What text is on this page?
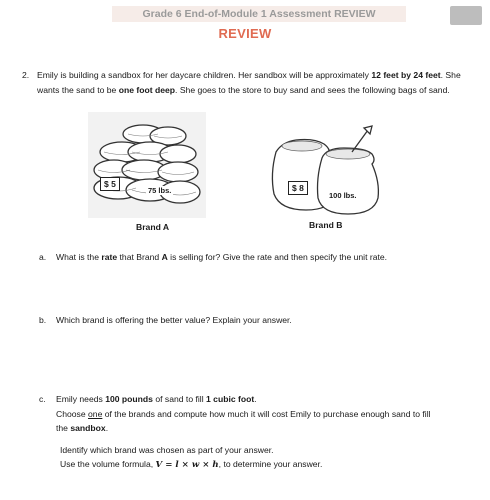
Grade 6 End-of-Module 1 Assessment REVIEW
REVIEW
2. Emily is building a sandbox for her daycare children. Her sandbox will be approximately 12 feet by 24 feet. She wants the sand to be one foot deep. She goes to the store to buy sand and sees the following bags of sand.
$ 5
75 lbs.
Brand A
$ 8
100 lbs.
Brand B
a. What is the rate that Brand A is selling for? Give the rate and then specify the unit rate.
b. Which brand is offering the better value? Explain your answer.
c. Emily needs 100 pounds of sand to fill 1 cubic foot.
Choose one of the brands and compute how much it will cost Emily to purchase enough sand to fill the sandbox.
Identify which brand was chosen as part of your answer.
Use the volume formula, V = l × w × h, to determine your answer.
